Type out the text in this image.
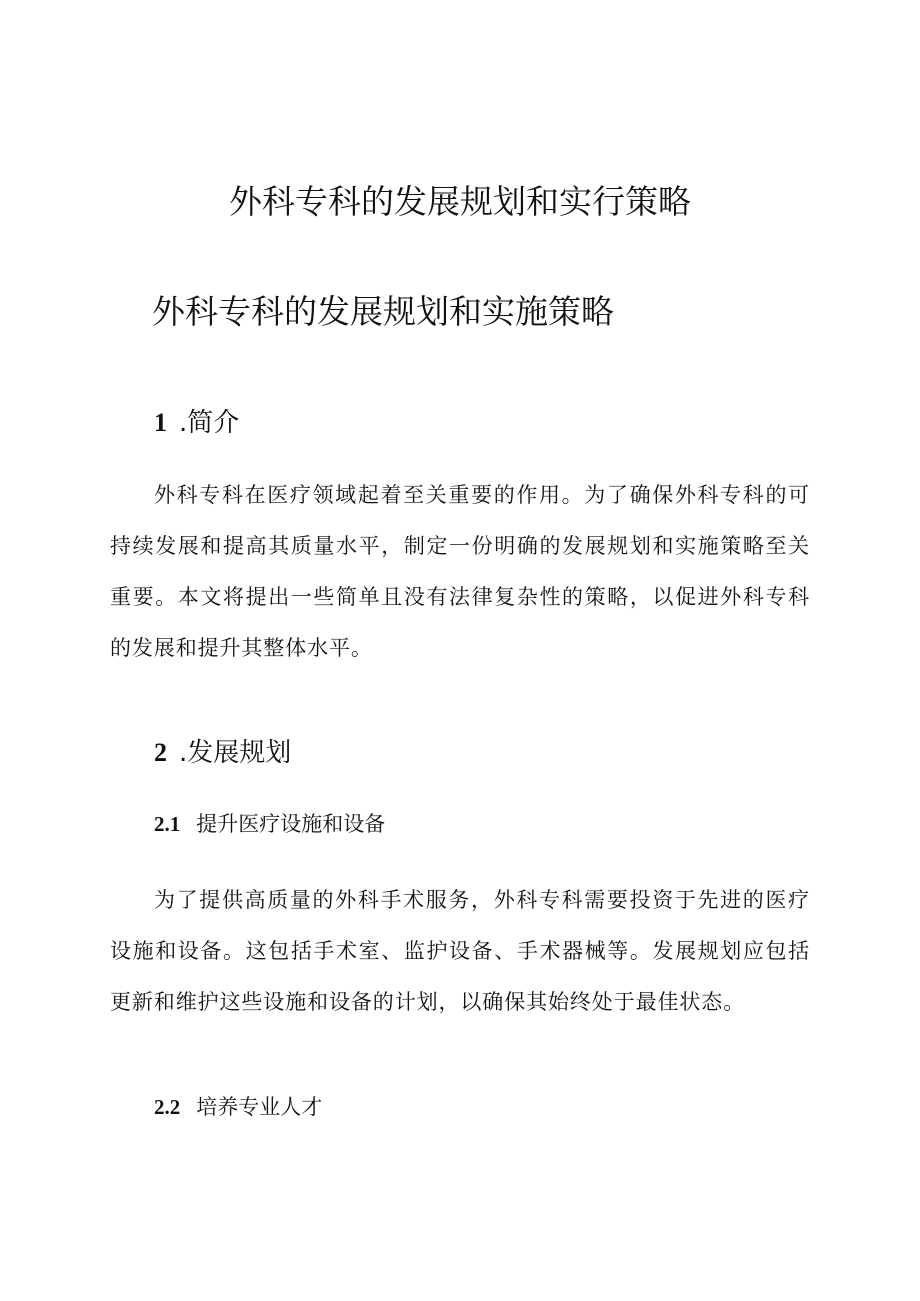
外科专科的发展规划和实行策略
外科专科的发展规划和实施策略
1 .简介

外科专科在医疗领域起着至关重要的作用。为了确保外科专科的可持续发展和提高其质量水平，制定一份明确的发展规划和实施策略至关重要。本文将提出一些简单且没有法律复杂性的策略，以促进外科专科的发展和提升其整体水平。

2 .发展规划
2.1 提升医疗设施和设备

为了提供高质量的外科手术服务，外科专科需要投资于先进的医疗设施和设备。这包括手术室、监护设备、手术器械等。发展规划应包括更新和维护这些设施和设备的计划，以确保其始终处于最佳状态。

2.2 培养专业人才
